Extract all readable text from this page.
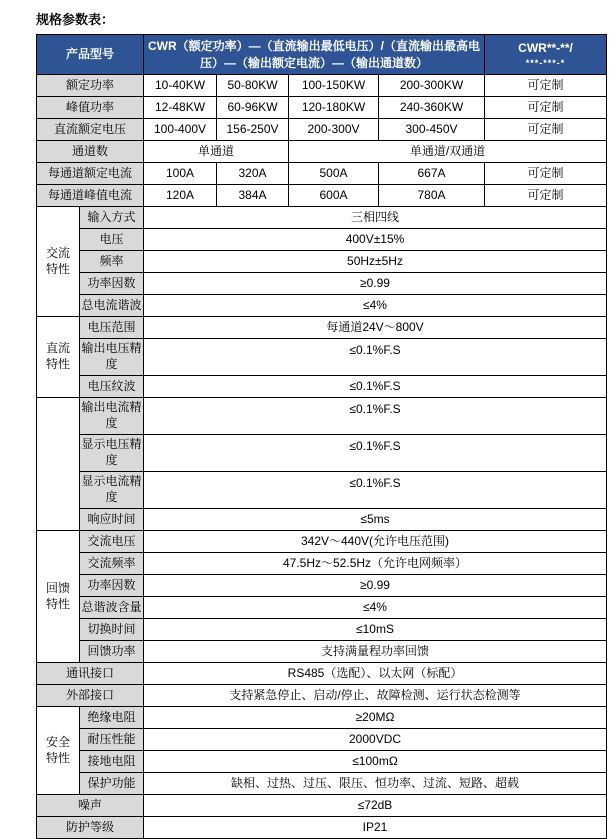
规格参数表：
产品型号		CWR（额定功率）—（直流输出最低电压）/（直流输出最高电压）—（输出额定电流）—（输出通道数）				CWR**-**/
***-***-*

额定功率		10-40KW	50-80KW	100-150KW	200-300KW	可定制
峰值功率		12-48KW	60-96KW	120-180KW	240-360KW	可定制
直流额定电压		100-400V	156-250V	200-300V	300-450V	可定制
通道数		单通道		单通道/双通道		
每通道额定电流		100A	320A	500A	667A	可定制
每通道峰值电流		120A	384A	600A	780A	可定制
交流特性	输入方式	三相四线				
	电压	400V±15%				
	频率	50Hz±5Hz				
	功率因数	≥0.99				
	总电流谐波	≤4%				
直流特性	电压范围	每通道24V～800V				
	输出电压精度	≤0.1%F.S				
	电压纹波	≤0.1%F.S				
	输出电流精度	≤0.1%F.S				
	显示电压精度	≤0.1%F.S				
	显示电流精度	≤0.1%F.S				
	响应时间	≤5ms				
回馈特性	交流电压	342V～440V(允许电压范围)				
	交流频率	47.5Hz～52.5Hz（允许电网频率）				
	功率因数	≥0.99				
	总谐波含量	≤4%				
	切换时间	≤10mS				
	回馈功率	支持满量程功率回馈				
通讯接口		RS485（选配）、以太网（标配）				
外部接口		支持紧急停止、启动/停止、故障检测、运行状态检测等				
安全特性	绝缘电阻	≥20MΩ				
	耐压性能	2000VDC				
	接地电阻	≤100mΩ				
	保护功能	缺相、过热、过压、限压、恒功率、过流、短路、超载				
噪声		≤72dB				
防护等级		IP21				
